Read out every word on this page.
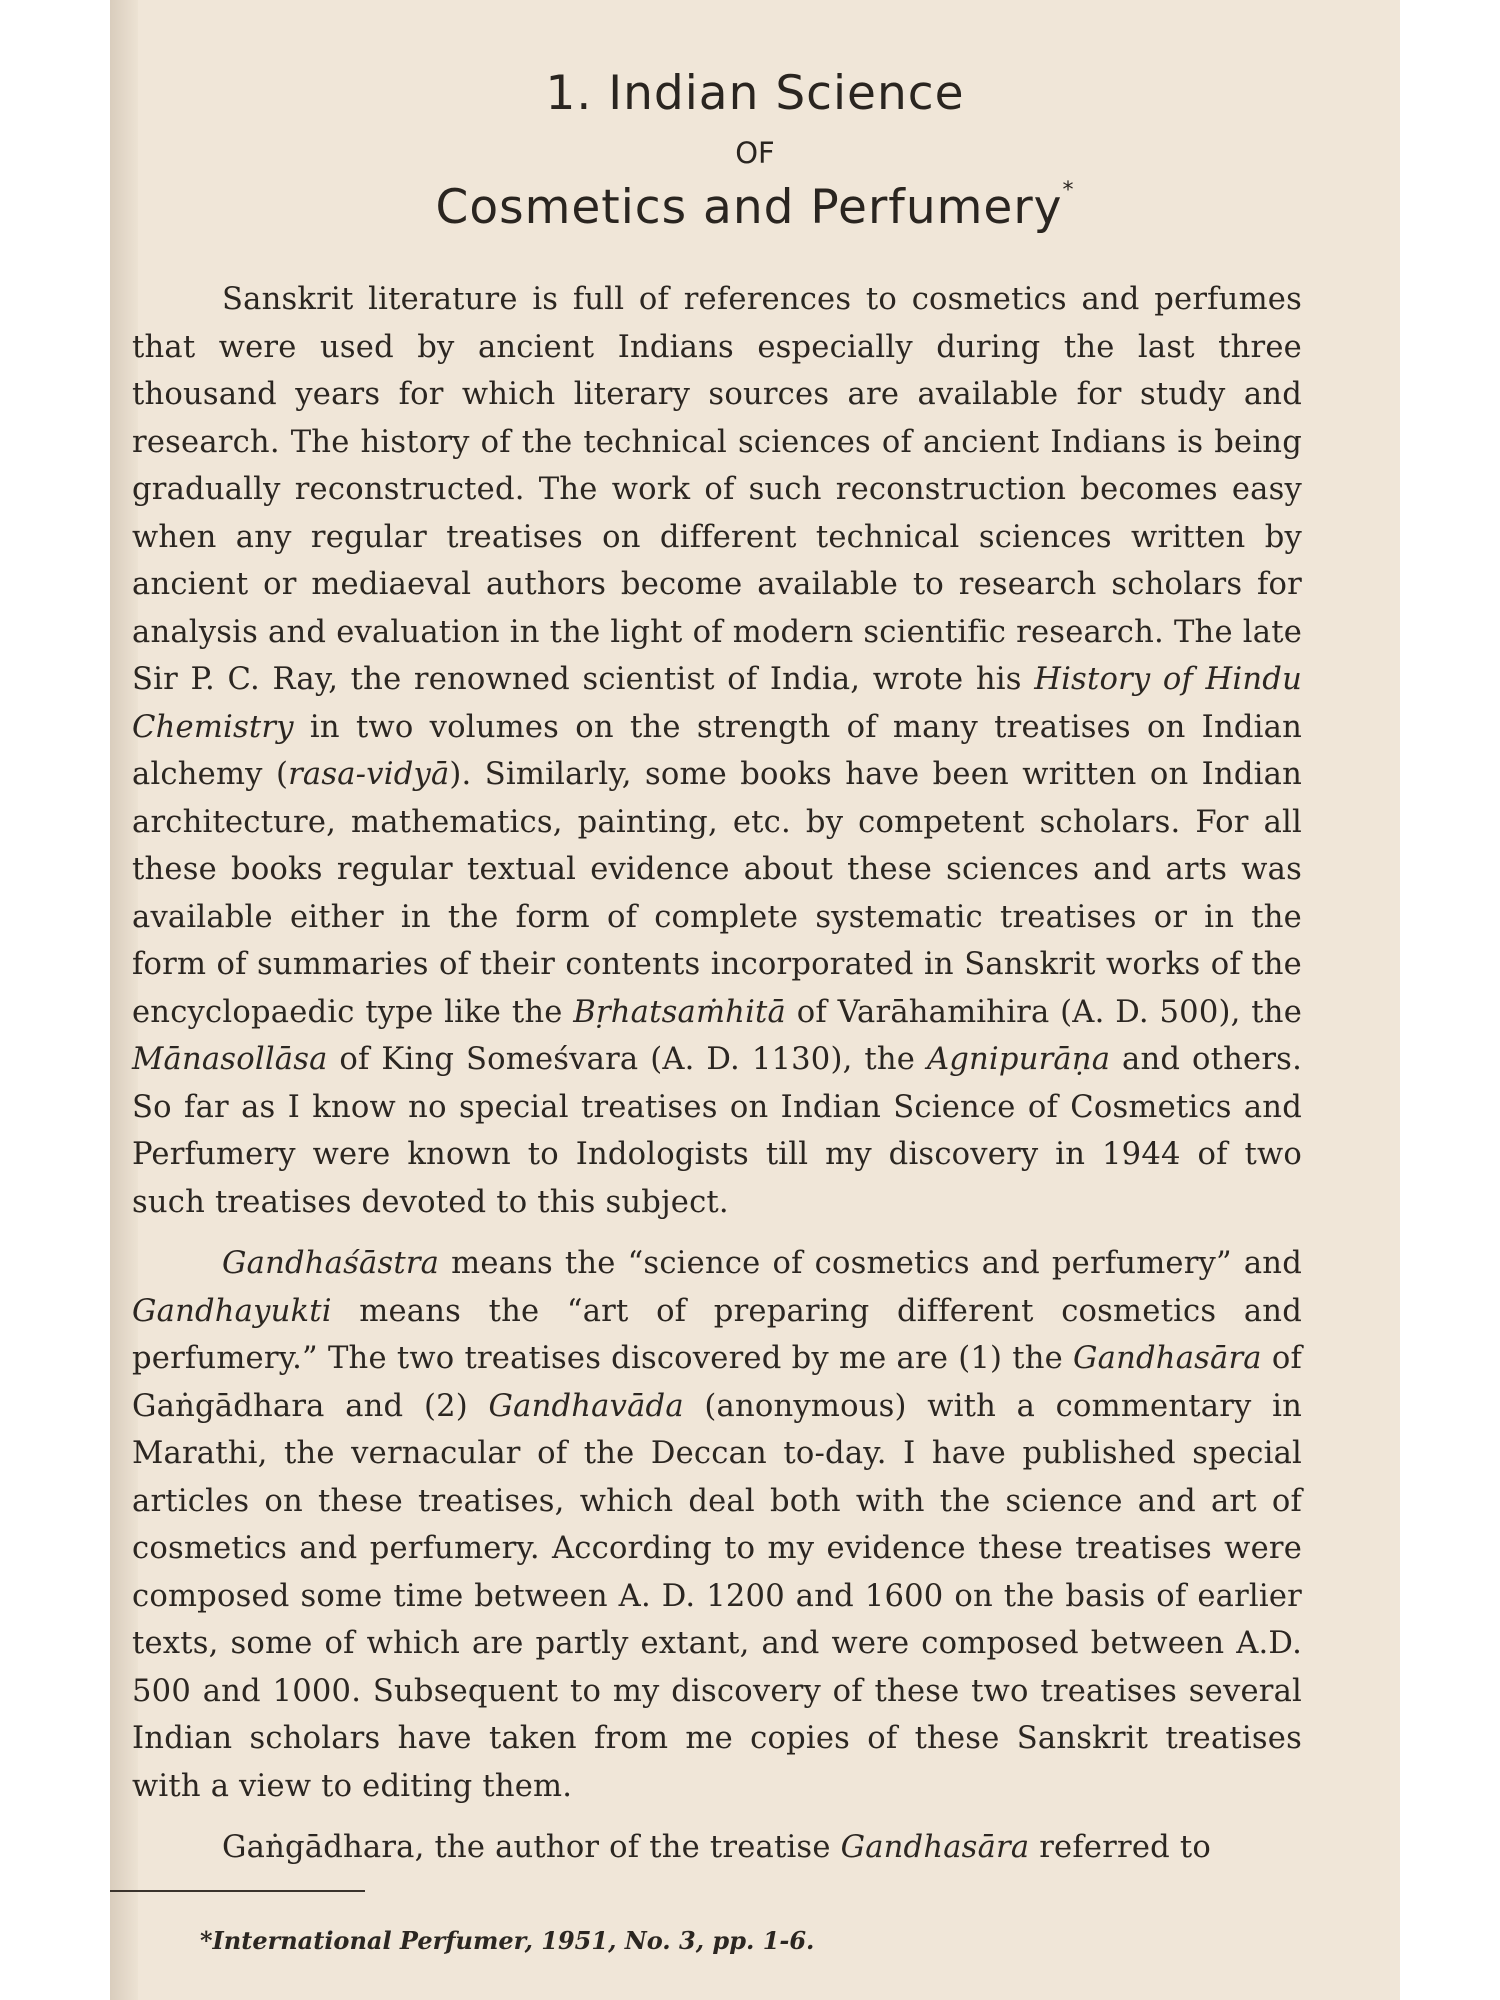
1. Indian Science
OF
Cosmetics and Perfumery*

Sanskrit literature is full of references to cosmetics and perfumes that were used by ancient Indians especially during the last three thousand years for which literary sources are available for study and research. The history of the technical sciences of ancient Indians is being gradually reconstructed. The work of such reconstruction becomes easy when any regular treatises on different technical sciences written by ancient or mediaeval authors become available to research scholars for analysis and evaluation in the light of modern scientific research. The late Sir P. C. Ray, the renowned scientist of India, wrote his History of Hindu Chemistry in two volumes on the strength of many treatises on Indian alchemy (rasa-vidyā). Similarly, some books have been written on Indian architecture, mathematics, painting, etc. by competent scholars. For all these books regular textual evidence about these sciences and arts was available either in the form of complete systematic treatises or in the form of summaries of their contents incorporated in Sanskrit works of the encyclopaedic type like the Bṛhatsaṁhitā of Varāhamihira (A. D. 500), the Mānasollāsa of King Someśvara (A. D. 1130), the Agnipurāṇa and others. So far as I know no special treatises on Indian Science of Cosmetics and Perfumery were known to Indologists till my discovery in 1944 of two such treatises devoted to this subject.

Gandhaśāstra means the “science of cosmetics and perfumery” and Gandhayukti means the “art of preparing different cosmetics and perfumery.” The two treatises discovered by me are (1) the Gandhasāra of Gaṅgādhara and (2) Gandhavāda (anonymous) with a commentary in Marathi, the vernacular of the Deccan to-day. I have published special articles on these treatises, which deal both with the science and art of cosmetics and perfumery. According to my evidence these treatises were composed some time between A. D. 1200 and 1600 on the basis of earlier texts, some of which are partly extant, and were composed between A.D. 500 and 1000. Subsequent to my discovery of these two treatises several Indian scholars have taken from me copies of these Sanskrit treatises with a view to editing them.

Gaṅgādhara, the author of the treatise Gandhasāra referred to

*International Perfumer, 1951, No. 3, pp. 1-6.
